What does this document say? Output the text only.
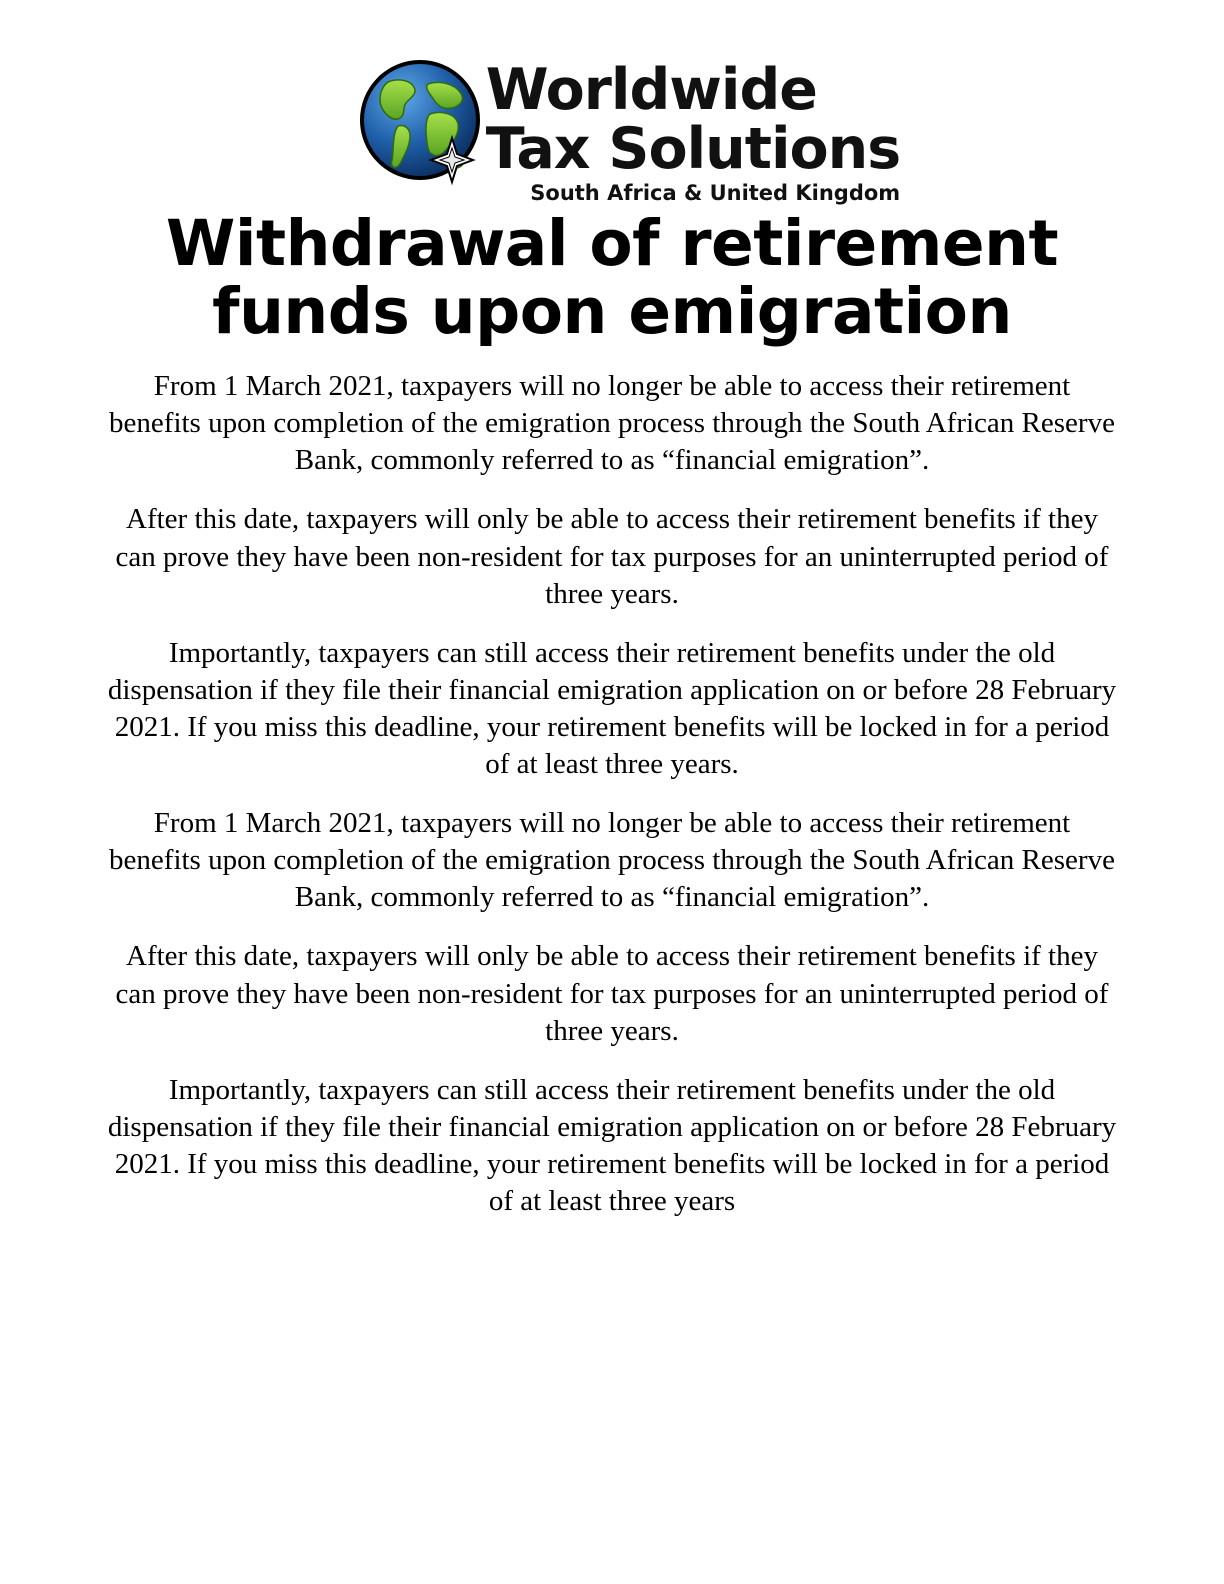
Worldwide
Tax Solutions
South Africa & United Kingdom
Withdrawal of retirement funds upon emigration

From 1 March 2021, taxpayers will no longer be able to access their retirement benefits upon completion of the emigration process through the South African Reserve Bank, commonly referred to as “financial emigration”.

After this date, taxpayers will only be able to access their retirement benefits if they can prove they have been non-resident for tax purposes for an uninterrupted period of three years.

Importantly, taxpayers can still access their retirement benefits under the old dispensation if they file their financial emigration application on or before 28 February 2021. If you miss this deadline, your retirement benefits will be locked in for a period of at least three years.

From 1 March 2021, taxpayers will no longer be able to access their retirement benefits upon completion of the emigration process through the South African Reserve Bank, commonly referred to as “financial emigration”.

After this date, taxpayers will only be able to access their retirement benefits if they can prove they have been non-resident for tax purposes for an uninterrupted period of three years.

Importantly, taxpayers can still access their retirement benefits under the old dispensation if they file their financial emigration application on or before 28 February 2021. If you miss this deadline, your retirement benefits will be locked in for a period of at least three years
